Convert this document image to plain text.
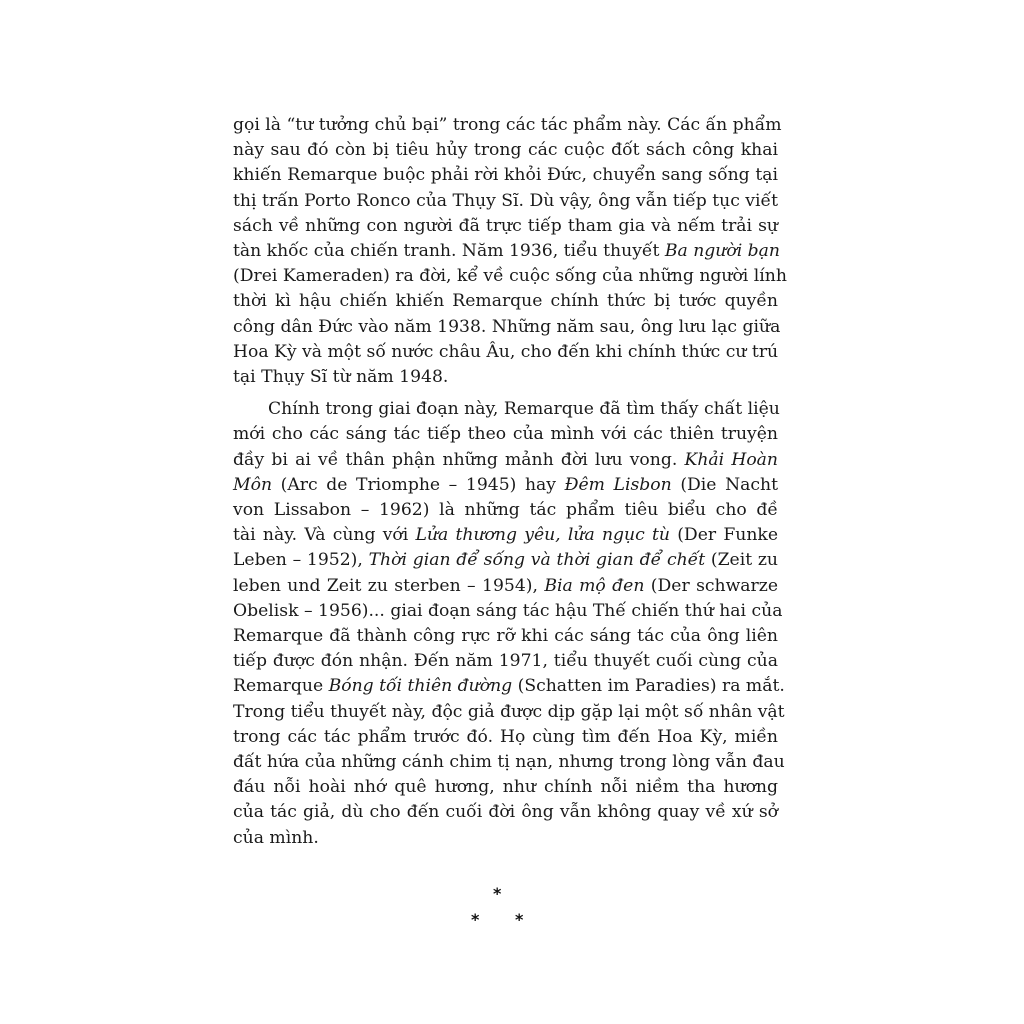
gọi là “tư tưởng chủ bại” trong các tác phẩm này. Các ấn phẩm
này sau đó còn bị tiêu hủy trong các cuộc đốt sách công khai
khiến Remarque buộc phải rời khỏi Đức, chuyển sang sống tại
thị trấn Porto Ronco của Thụy Sĩ. Dù vậy, ông vẫn tiếp tục viết
sách về những con người đã trực tiếp tham gia và nếm trải sự
tàn khốc của chiến tranh. Năm 1936, tiểu thuyết Ba người bạn
(Drei Kameraden) ra đời, kể về cuộc sống của những người lính
thời kì hậu chiến khiến Remarque chính thức bị tước quyền
công dân Đức vào năm 1938. Những năm sau, ông lưu lạc giữa
Hoa Kỳ và một số nước châu Âu, cho đến khi chính thức cư trú
tại Thụy Sĩ từ năm 1948.

Chính trong giai đoạn này, Remarque đã tìm thấy chất liệu
mới cho các sáng tác tiếp theo của mình với các thiên truyện
đầy bi ai về thân phận những mảnh đời lưu vong. Khải Hoàn
Môn (Arc de Triomphe – 1945) hay Đêm Lisbon (Die Nacht
von Lissabon – 1962) là những tác phẩm tiêu biểu cho đề
tài này. Và cùng với Lửa thương yêu, lửa ngục tù (Der Funke
Leben – 1952), Thời gian để sống và thời gian để chết (Zeit zu
leben und Zeit zu sterben – 1954), Bia mộ đen (Der schwarze
Obelisk – 1956)... giai đoạn sáng tác hậu Thế chiến thứ hai của
Remarque đã thành công rực rỡ khi các sáng tác của ông liên
tiếp được đón nhận. Đến năm 1971, tiểu thuyết cuối cùng của
Remarque Bóng tối thiên đường (Schatten im Paradies) ra mắt.
Trong tiểu thuyết này, độc giả được dịp gặp lại một số nhân vật
trong các tác phẩm trước đó. Họ cùng tìm đến Hoa Kỳ, miền
đất hứa của những cánh chim tị nạn, nhưng trong lòng vẫn đau
đáu nỗi hoài nhớ quê hương, như chính nỗi niềm tha hương
của tác giả, dù cho đến cuối đời ông vẫn không quay về xứ sở
của mình.

*
* *
